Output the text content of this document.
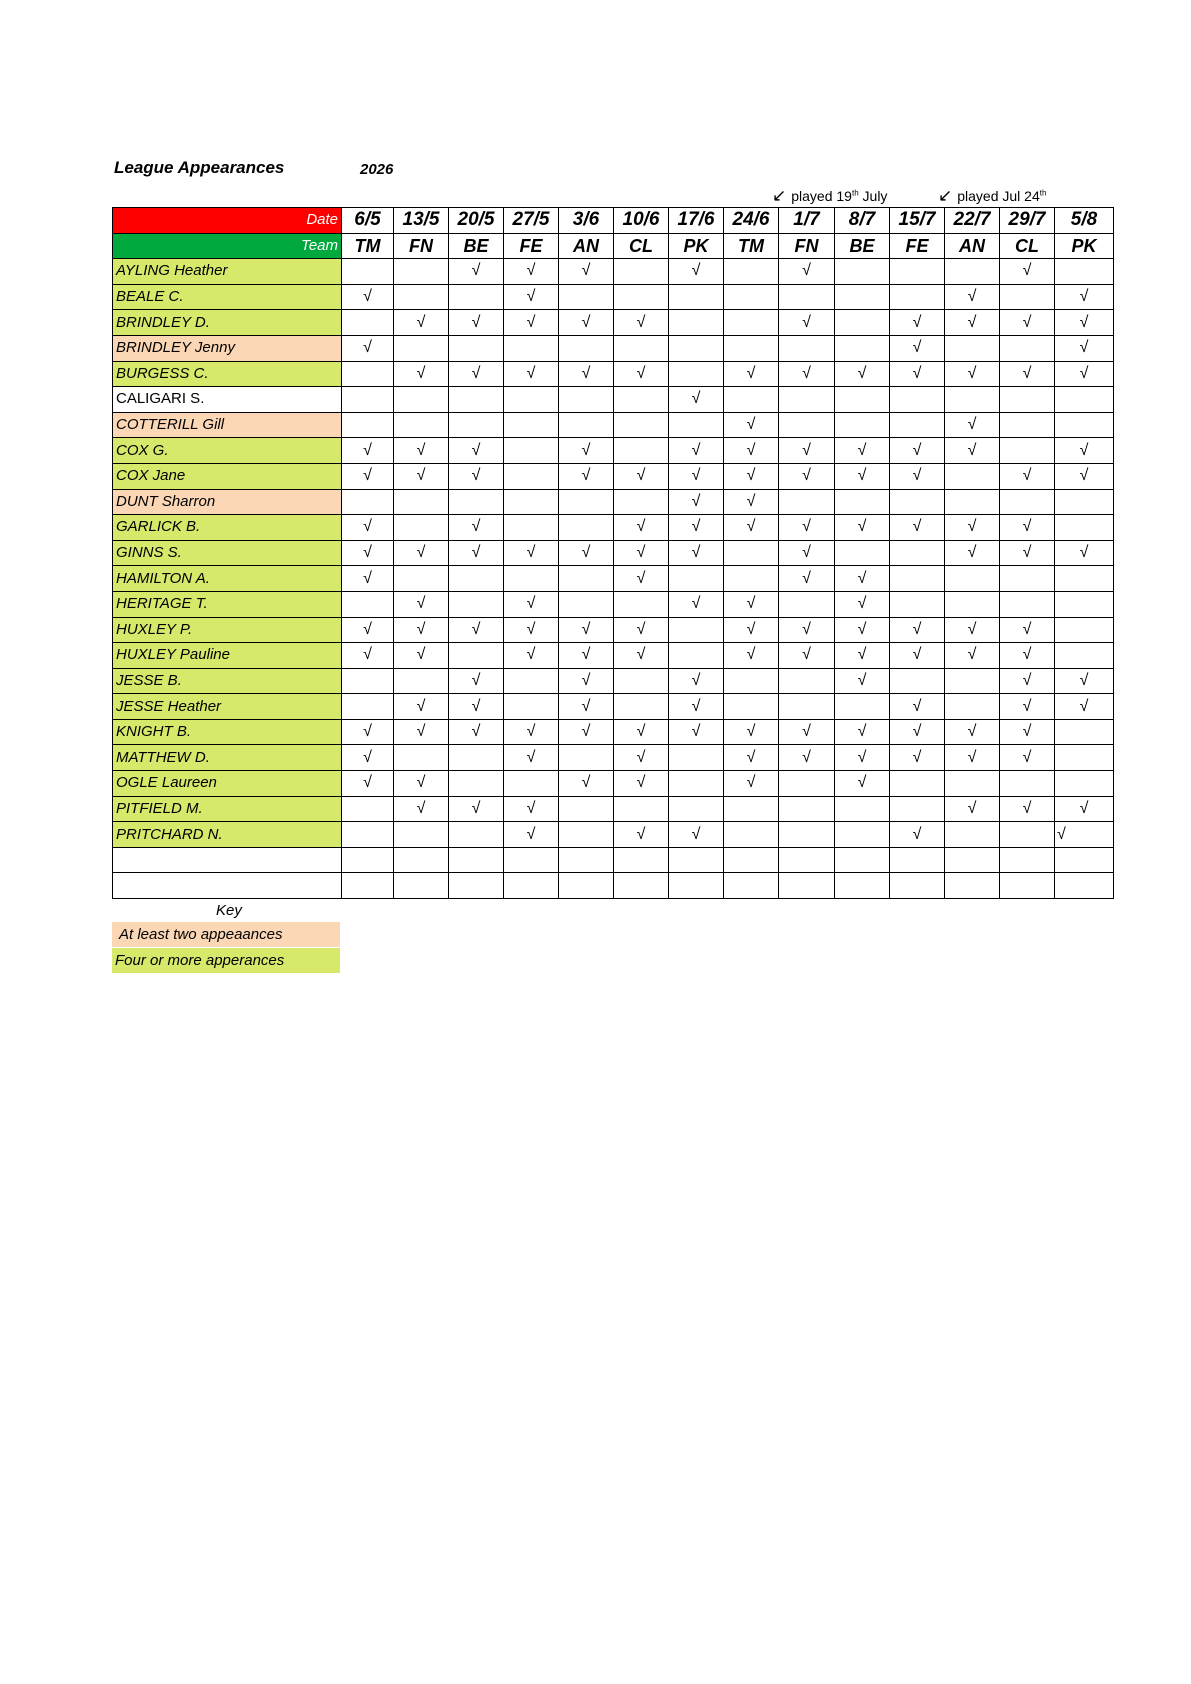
League Appearances	2026
↙ played 19th July	↙ played Jul 24th
Date	6/5	13/5	20/5	27/5	3/6	10/6	17/6	24/6	1/7	8/7	15/7	22/7	29/7	5/8
Team	TM	FN	BE	FE	AN	CL	PK	TM	FN	BE	FE	AN	CL	PK
AYLING Heather			√	√	√		√		√				√	
BEALE C.	√			√								√		√
BRINDLEY D.		√	√	√	√	√			√		√	√	√	√
BRINDLEY Jenny	√										√			√
BURGESS C.		√	√	√	√	√		√	√	√	√	√	√	√
CALIGARI S.							√							
COTTERILL Gill								√				√		
COX G.	√	√	√		√		√	√	√	√	√	√		√
COX Jane	√	√	√		√	√	√	√	√	√	√		√	√
DUNT Sharron							√	√						
GARLICK B.	√		√			√	√	√	√	√	√	√	√	
GINNS S.	√	√	√	√	√	√	√		√			√	√	√
HAMILTON A.	√					√			√	√				
HERITAGE T.		√		√			√	√		√				
HUXLEY P.	√	√	√	√	√	√		√	√	√	√	√	√	
HUXLEY Pauline	√	√		√	√	√		√	√	√	√	√	√	
JESSE B.			√		√		√			√			√	√
JESSE Heather		√	√		√		√				√		√	√
KNIGHT B.	√	√	√	√	√	√	√	√	√	√	√	√	√	
MATTHEW D.	√			√		√		√	√	√	√	√	√	
OGLE Laureen	√	√			√	√		√		√				
PITFIELD M.		√	√	√								√	√	√
PRITCHARD N.				√		√	√				√			√

Key
At least two appeaances
Four or more apperances
